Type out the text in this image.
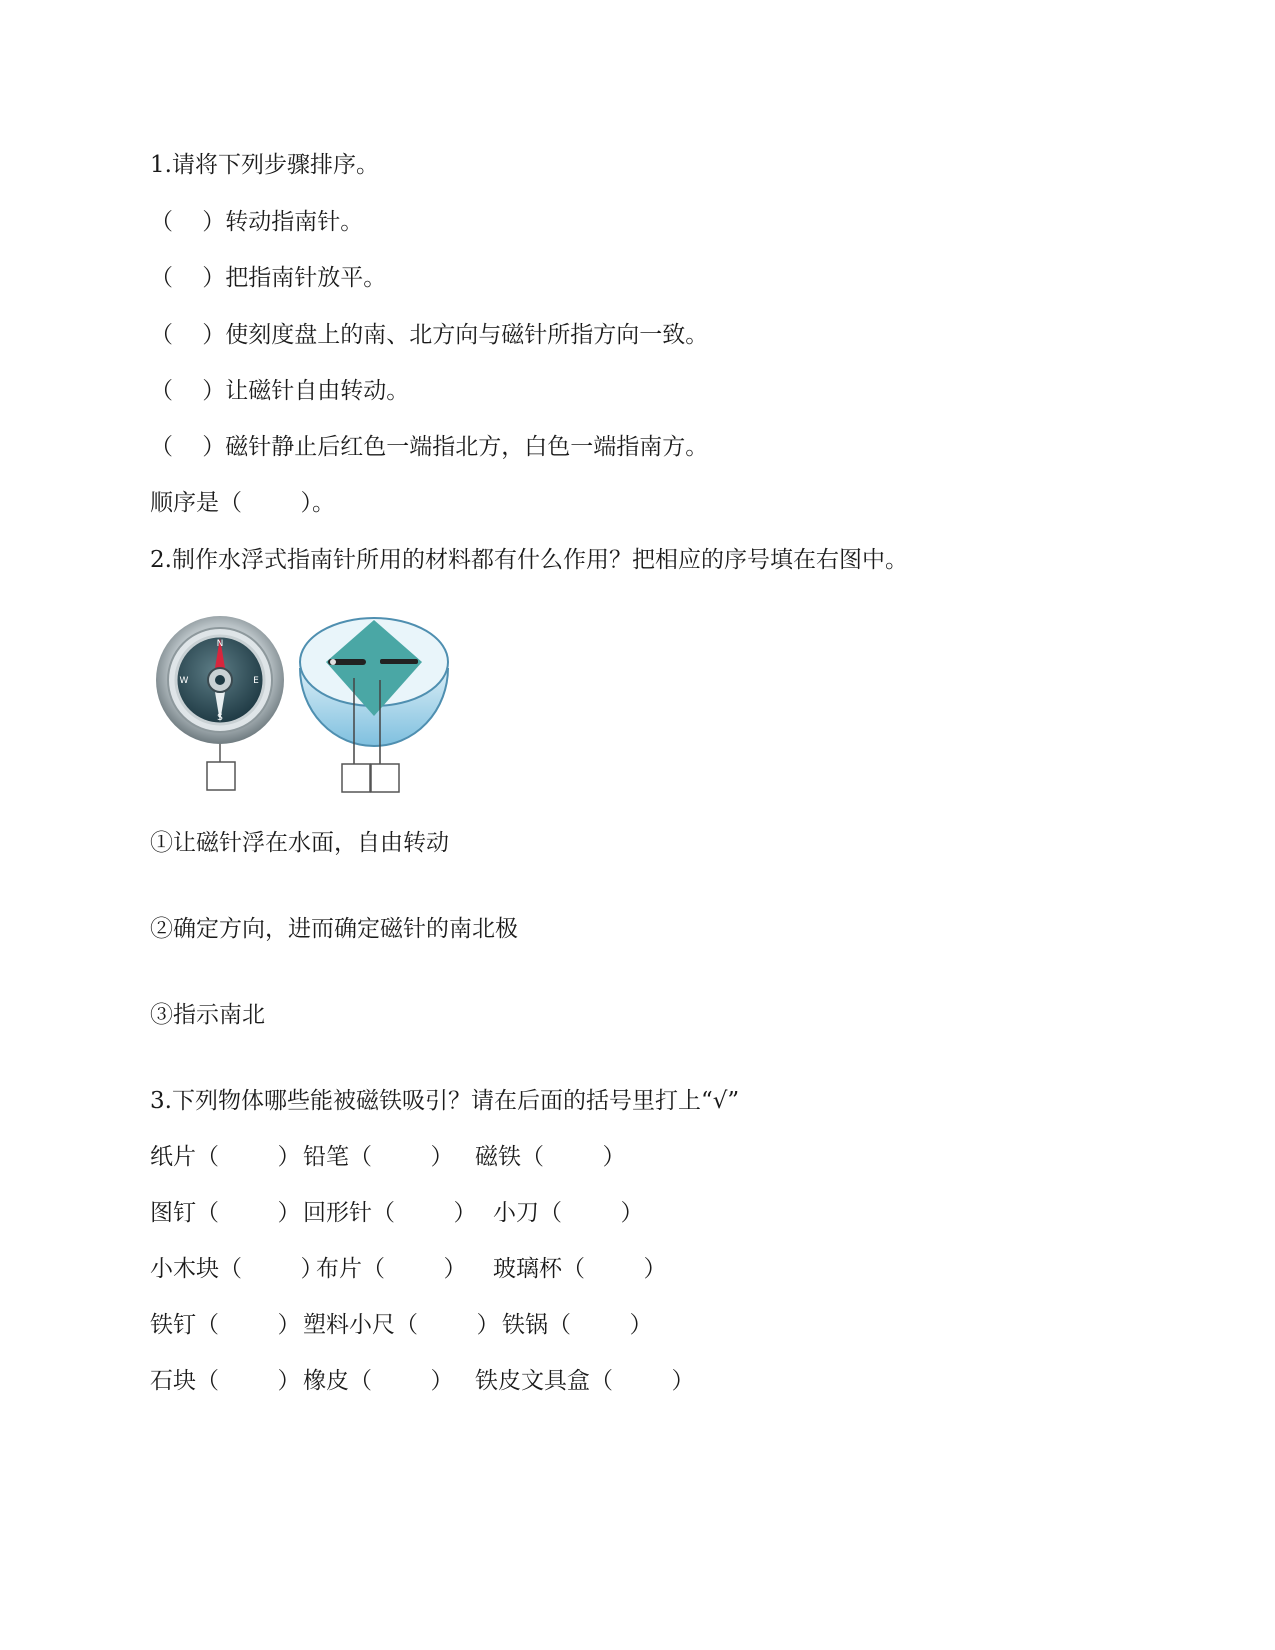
1.请将下列步骤排序。
（    ）转动指南针。
（    ）把指南针放平。
（    ）使刻度盘上的南、北方向与磁针所指方向一致。
（    ）让磁针自由转动。
（    ）磁针静止后红色一端指北方，白色一端指南方。
顺序是（        ）。
2.制作水浮式指南针所用的材料都有什么作用？把相应的序号填在右图中。
N
S
E
W
①让磁针浮在水面，自由转动
②确定方向，进而确定磁针的南北极
③指示南北
3.下列物体哪些能被磁铁吸引？请在后面的括号里打上“√”

纸片（        ）

铅笔（        ）

磁铁（        ）

图钉（        ）

回形针（        ）

小刀（        ）

小木块（        ）

布片（        ）

玻璃杯（        ）

铁钉（        ）

塑料小尺（        ）

铁锅（        ）

石块（        ）

橡皮（        ）

铁皮文具盒（        ）
